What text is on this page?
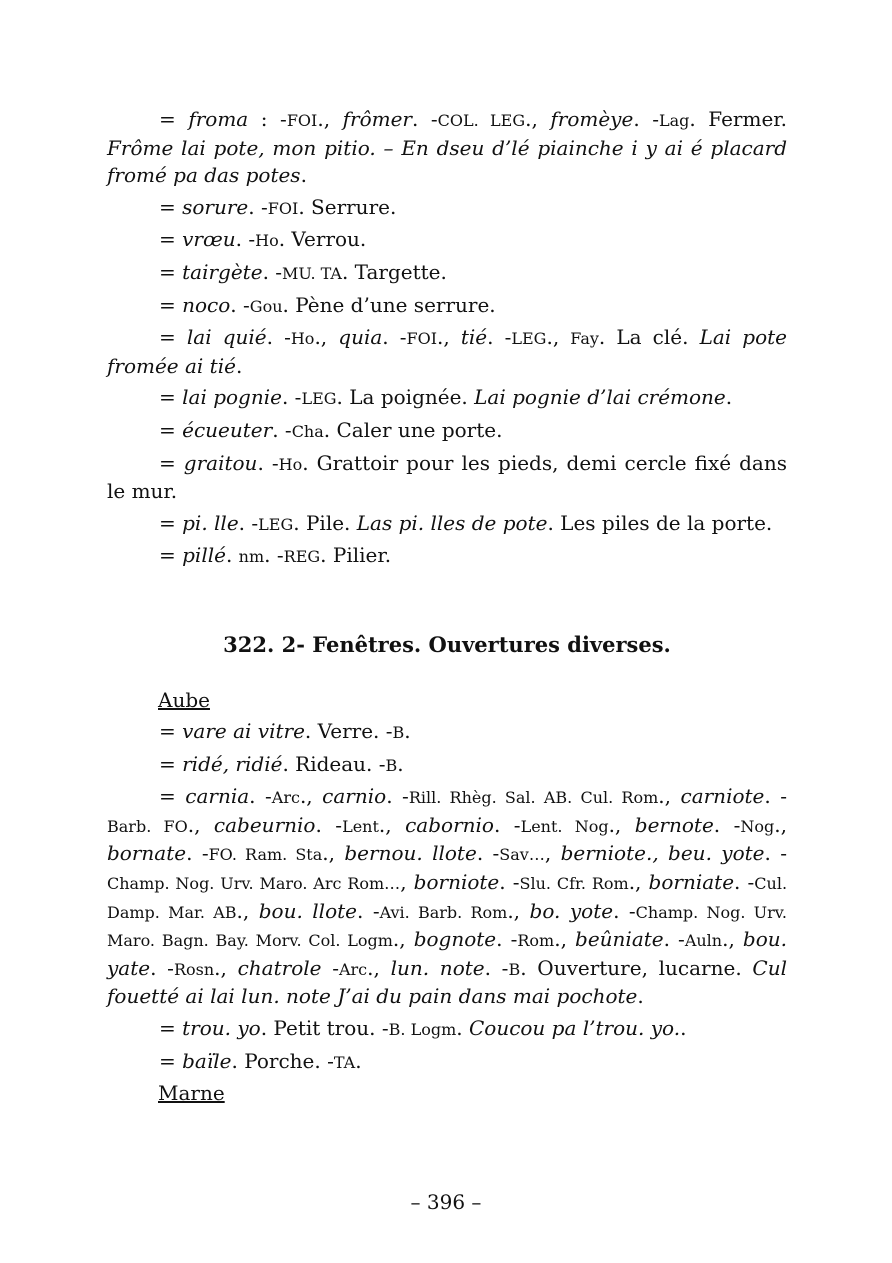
= froma : -FOI., frômer. -COL. LEG., fromèye. -Lag. Fermer. Frôme lai pote, mon pitio. – En dseu d’lé piainche i y ai é placard fromé pa das potes.

= sorure. -FOI. Serrure.

= vrœu. -Ho. Verrou.

= tairgète. -MU. TA. Targette.

= noco. -Gou. Pène d’une serrure.

= lai quié. -Ho., quia. -FOI., tié. -LEG., Fay. La clé. Lai pote fromée ai tié.

= lai pognie. -LEG. La poignée. Lai pognie d’lai crémone.

= écueuter. -Cha. Caler une porte.

= graitou. -Ho. Grattoir pour les pieds, demi cercle fixé dans le mur.

= pi. lle. -LEG. Pile. Las pi. lles de pote. Les piles de la porte.

= pillé. nm. -REG. Pilier.

322. 2- Fenêtres. Ouvertures diverses.
Aube

= vare ai vitre. Verre. -B.

= ridé, ridié. Rideau. -B.

= carnia. -Arc., carnio. -Rill. Rhèg. Sal. AB. Cul. Rom., carniote. -Barb. FO., cabeurnio. -Lent., cabornio. -Lent. Nog., bernote. -Nog., bornate. -FO. Ram. Sta., bernou. llote. -Sav…, berniote., beu. yote. -Champ. Nog. Urv. Maro. Arc Rom…, borniote. -Slu. Cfr. Rom., borniate. -Cul. Damp. Mar. AB., bou. llote. -Avi. Barb. Rom., bo. yote. -Champ. Nog. Urv. Maro. Bagn. Bay. Morv. Col. Logm., bognote. -Rom., beûniate. -Auln., bou. yate. -Rosn., chatrole -Arc., lun. note. -B. Ouverture, lucarne. Cul fouetté ai lai lun. note J’ai du pain dans mai pochote.

= trou. yo. Petit trou. -B. Logm. Coucou pa l’trou. yo..

= baïle. Porche. -TA.

Marne
– 396 –
